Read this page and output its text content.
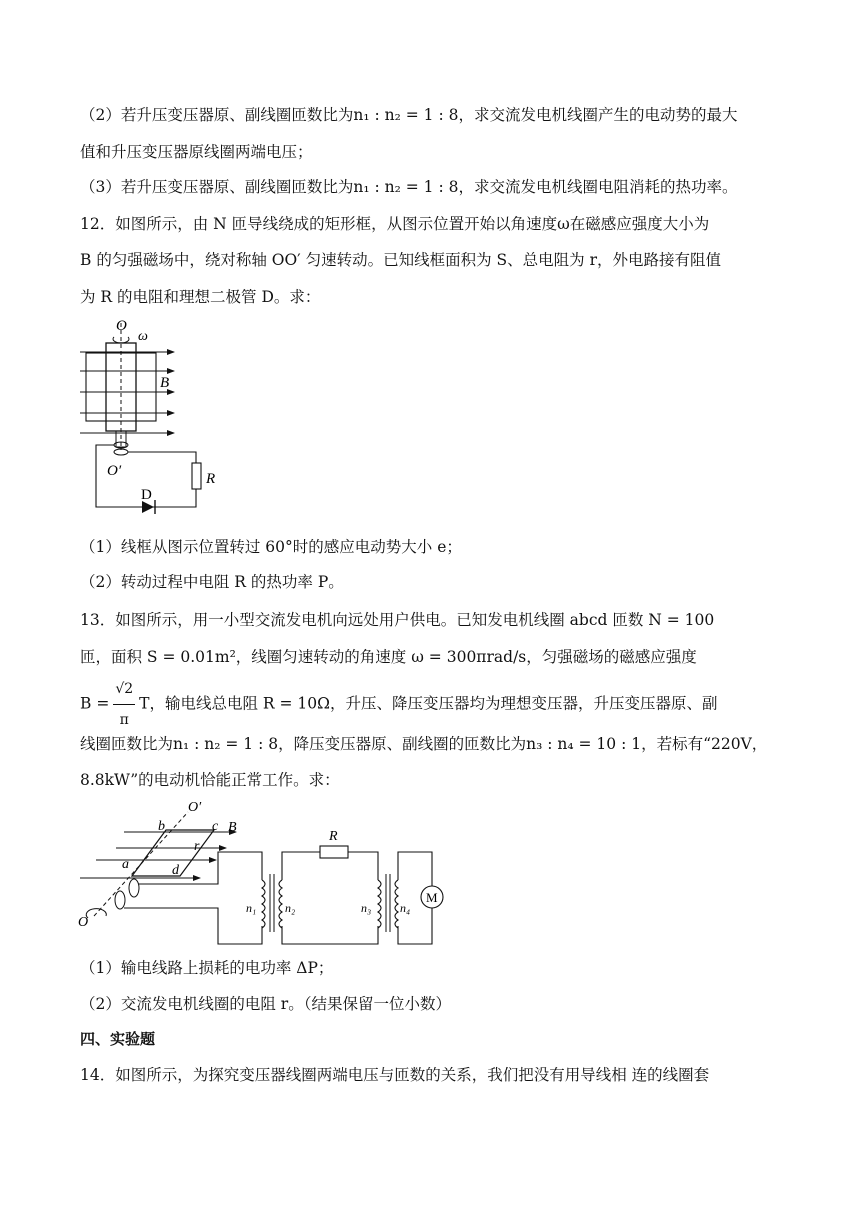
（2）若升压变压器原、副线圈匝数比为n₁ : n₂ = 1 : 8，求交流发电机线圈产生的电动势的最大
值和升压变压器原线圈两端电压；
（3）若升压变压器原、副线圈匝数比为n₁ : n₂ = 1 : 8，求交流发电机线圈电阻消耗的热功率。
12．如图所示，由 N 匝导线绕成的矩形框，从图示位置开始以角速度ω在磁感应强度大小为
B 的匀强磁场中，绕对称轴 OO′ 匀速转动。已知线框面积为 S、总电阻为 r，外电路接有阻值
为 R 的电阻和理想二极管 D。求：
O
ω
B
O′	R
D
（1）线框从图示位置转过 60°时的感应电动势大小 e；
（2）转动过程中电阻 R 的热功率 P。
13．如图所示，用一小型交流发电机向远处用户供电。已知发电机线圈 abcd 匝数 N = 100
匝，面积 S = 0.01m²，线圈匀速转动的角速度 ω = 300πrad/s，匀强磁场的磁感应强度
$B = \frac{√2}{\pi}$ T，输电线总电阻 R = 10Ω，升压、降压变压器均为理想变压器，升压变压器原、副
线圈匝数比为n₁ : n₂ = 1 : 8，降压变压器原、副线圈的匝数比为n₃ : n₄ = 10 : 1，若标有“220V，
8.8kW”的电动机恰能正常工作。求：
O′
b	c B
r
a	d
O
R
n₁ n₂	n₃ n₄
M
（1）输电线路上损耗的电功率 ΔP；
（2）交流发电机线圈的电阻 r。（结果保留一位小数）
四、实验题
14．如图所示，为探究变压器线圈两端电压与匝数的关系，我们把没有用导线相 连的线圈套
